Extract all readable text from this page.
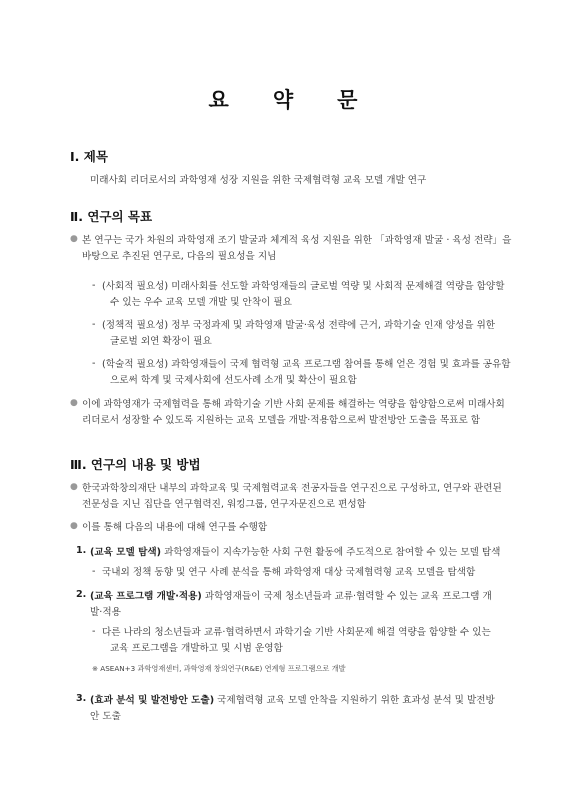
요 약 문
Ⅰ. 제목
미래사회 리더로서의 과학영재 성장 지원을 위한 국제협력형 교육 모델 개발 연구
Ⅱ. 연구의 목표
● 본 연구는 국가 차원의 과학영재 조기 발굴과 체계적 육성 지원을 위한 「과학영재 발굴 · 육성 전략」을
바탕으로 추진된 연구로, 다음의 필요성을 지님
- (사회적 필요성) 미래사회를 선도할 과학영재들의 글로벌 역량 및 사회적 문제해결 역량을 함양할
수 있는 우수 교육 모델 개발 및 안착이 필요
- (정책적 필요성) 정부 국정과제 및 과학영재 발굴·육성 전략에 근거, 과학기술 인재 양성을 위한
글로벌 외연 확장이 필요
- (학술적 필요성) 과학영재들이 국제 협력형 교육 프로그램 참여를 통해 얻은 경험 및 효과를 공유함
으로써 학계 및 국제사회에 선도사례 소개 및 확산이 필요함
● 이에 과학영재가 국제협력을 통해 과학기술 기반 사회 문제를 해결하는 역량을 함양함으로써 미래사회
리더로서 성장할 수 있도록 지원하는 교육 모델을 개발·적용함으로써 발전방안 도출을 목표로 함
Ⅲ. 연구의 내용 및 방법
● 한국과학창의재단 내부의 과학교육 및 국제협력교육 전공자들을 연구진으로 구성하고, 연구와 관련된
전문성을 지닌 집단을 연구협력진, 워킹그룹, 연구자문진으로 편성함
● 이를 통해 다음의 내용에 대해 연구를 수행함
1. (교육 모델 탐색) 과학영재들이 지속가능한 사회 구현 활동에 주도적으로 참여할 수 있는 모델 탐색
- 국내외 정책 동향 및 연구 사례 분석을 통해 과학영재 대상 국제협력형 교육 모델을 탐색함
2. (교육 프로그램 개발·적용) 과학영재들이 국제 청소년들과 교류·협력할 수 있는 교육 프로그램 개
발·적용
- 다른 나라의 청소년들과 교류·협력하면서 과학기술 기반 사회문제 해결 역량을 함양할 수 있는
교육 프로그램을 개발하고 및 시범 운영함
※ ASEAN+3 과학영재센터, 과학영재 창의연구(R&E) 연계형 프로그램으로 개발
3. (효과 분석 및 발전방안 도출) 국제협력형 교육 모델 안착을 지원하기 위한 효과성 분석 및 발전방
안 도출
